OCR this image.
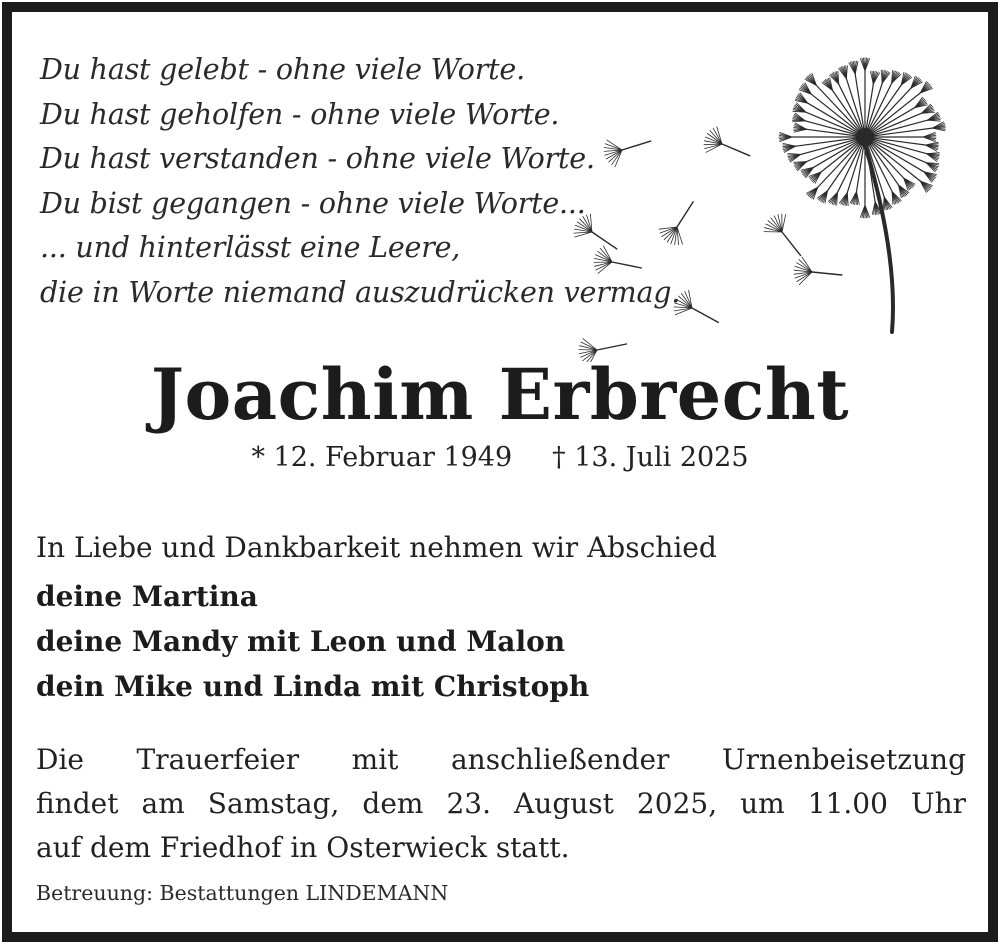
Du hast gelebt - ohne viele Worte.
Du hast geholfen - ohne viele Worte.
Du hast verstanden - ohne viele Worte.
Du bist gegangen - ohne viele Worte...
... und hinterlässt eine Leere,
die in Worte niemand auszudrücken vermag.
Joachim Erbrecht
* 12. Februar 1949 † 13. Juli 2025
In Liebe und Dankbarkeit nehmen wir Abschied
deine Martina
deine Mandy mit Leon und Malon
dein Mike und Linda mit Christoph
Die Trauerfeier mit anschließender Urnenbeisetzung
findet am Samstag, dem 23. August 2025, um 11.00 Uhr
auf dem Friedhof in Osterwieck statt.
Betreuung: Bestattungen LINDEMANN
